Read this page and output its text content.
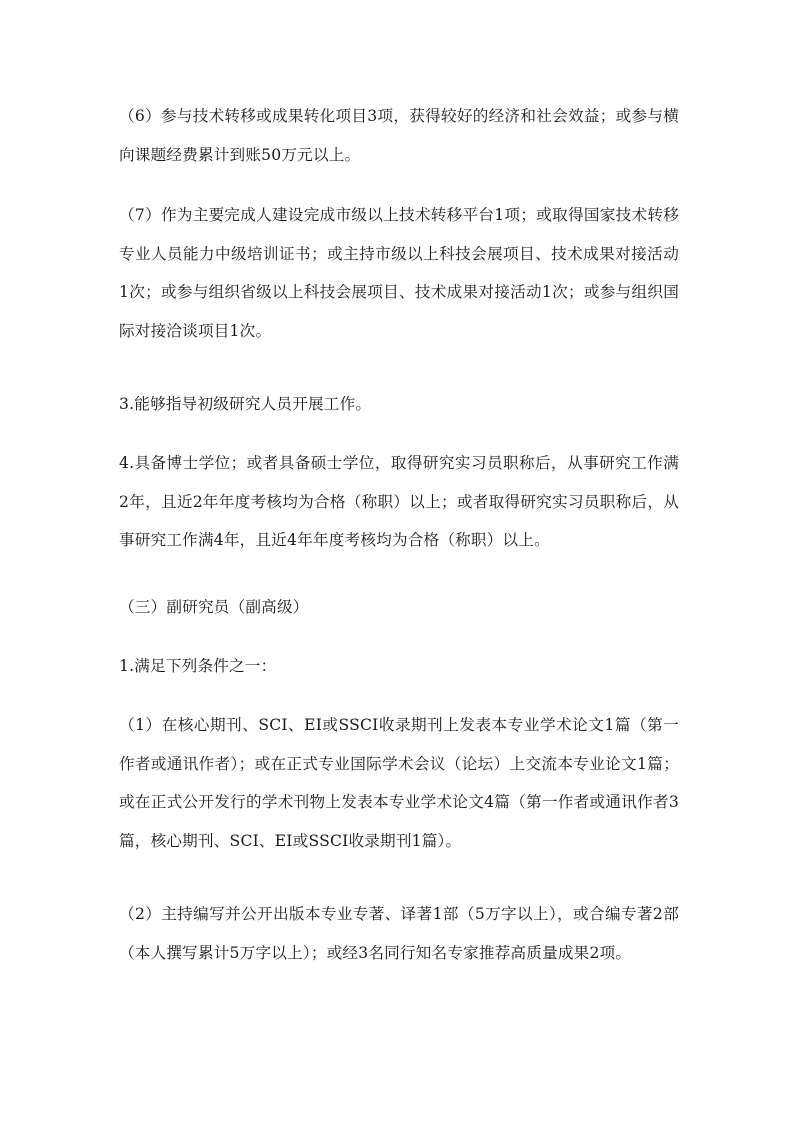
（6）参与技术转移或成果转化项目3项，获得较好的经济和社会效益；或参与横向课题经费累计到账50万元以上。

（7）作为主要完成人建设完成市级以上技术转移平台1项；或取得国家技术转移专业人员能力中级培训证书；或主持市级以上科技会展项目、技术成果对接活动1次；或参与组织省级以上科技会展项目、技术成果对接活动1次；或参与组织国际对接洽谈项目1次。

3.能够指导初级研究人员开展工作。

4.具备博士学位；或者具备硕士学位，取得研究实习员职称后，从事研究工作满2年，且近2年年度考核均为合格（称职）以上；或者取得研究实习员职称后，从事研究工作满4年，且近4年年度考核均为合格（称职）以上。

（三）副研究员（副高级）

1.满足下列条件之一：

（1）在核心期刊、SCI、EI或SSCI收录期刊上发表本专业学术论文1篇（第一作者或通讯作者）；或在正式专业国际学术会议（论坛）上交流本专业论文1篇；或在正式公开发行的学术刊物上发表本专业学术论文4篇（第一作者或通讯作者3篇，核心期刊、SCI、EI或SSCI收录期刊1篇）。

（2）主持编写并公开出版本专业专著、译著1部（5万字以上），或合编专著2部（本人撰写累计5万字以上）；或经3名同行知名专家推荐高质量成果2项。
